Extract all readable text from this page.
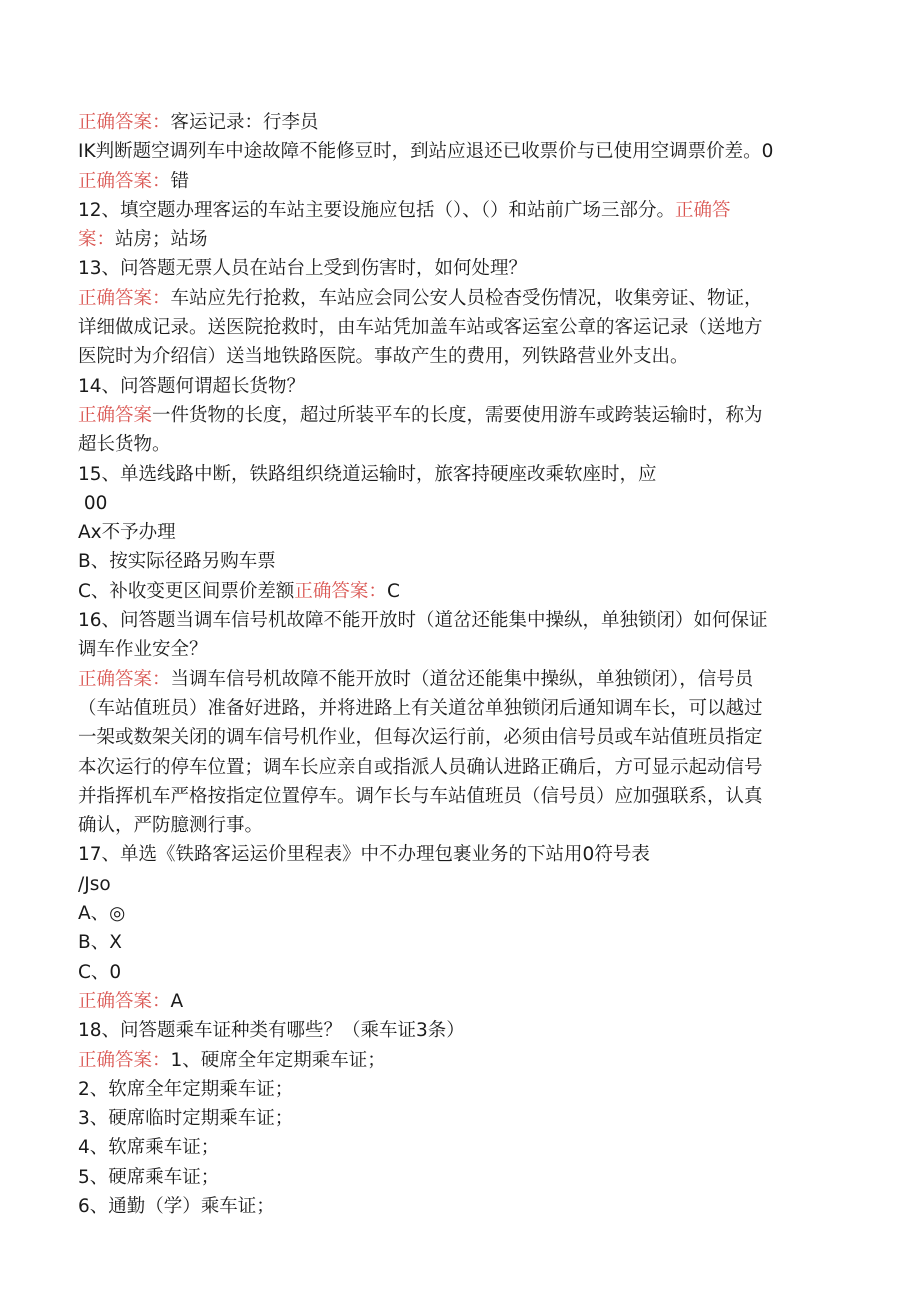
正确答案：客运记录：行李员
IK判断题空调列车中途故障不能修豆时，到站应退还已收票价与已使用空调票价差。0
正确答案：错
12、填空题办理客运的车站主要设施应包括（）、（）和站前广场三部分。正确答
案：站房；站场
13、问答题无票人员在站台上受到伤害时，如何处理？
正确答案：车站应先行抢救，车站应会同公安人员检杳受伤情况，收集旁证、物证，
详细做成记录。送医院抢救时，由车站凭加盖车站或客运室公章的客运记录（送地方
医院时为介绍信）送当地铁路医院。事故产生的费用，列铁路营业外支出。
14、问答题何谓超长货物？
正确答案一件货物的长度，超过所装平车的长度，需要使用游车或跨装运输时，称为
超长货物。
15、单选线路中断，铁路组织绕道运输时，旅客持硬座改乘软座时，应
00
Ax不予办理
B、按实际径路另购车票
C、补收变更区间票价差额正确答案：C
16、问答题当调车信号机故障不能开放时（道岔还能集中操纵，单独锁闭）如何保证
调车作业安全？
正确答案：当调车信号机故障不能开放时（道岔还能集中操纵，单独锁闭），信号员
（车站值班员）准备好进路，并将进路上有关道岔单独锁闭后通知调车长，可以越过
一架或数架关闭的调车信号机作业，但每次运行前，必须由信号员或车站值班员指定
本次运行的停车位置；调车长应亲自或指派人员确认进路正确后，方可显示起动信号
并指挥机车严格按指定位置停车。调乍长与车站值班员（信号员）应加强联系，认真
确认，严防臆测行事。
17、单选《铁路客运运价里程表》中不办理包裹业务的下站用0符号表
/Jso
A、◎
B、X
C、0
正确答案：A
18、问答题乘车证种类有哪些？（乘车证3条）
正确答案：1、硬席全年定期乘车证；
2、软席全年定期乘车证；
3、硬席临时定期乘车证；
4、软席乘车证；
5、硬席乘车证；
6、通勤（学）乘车证；
